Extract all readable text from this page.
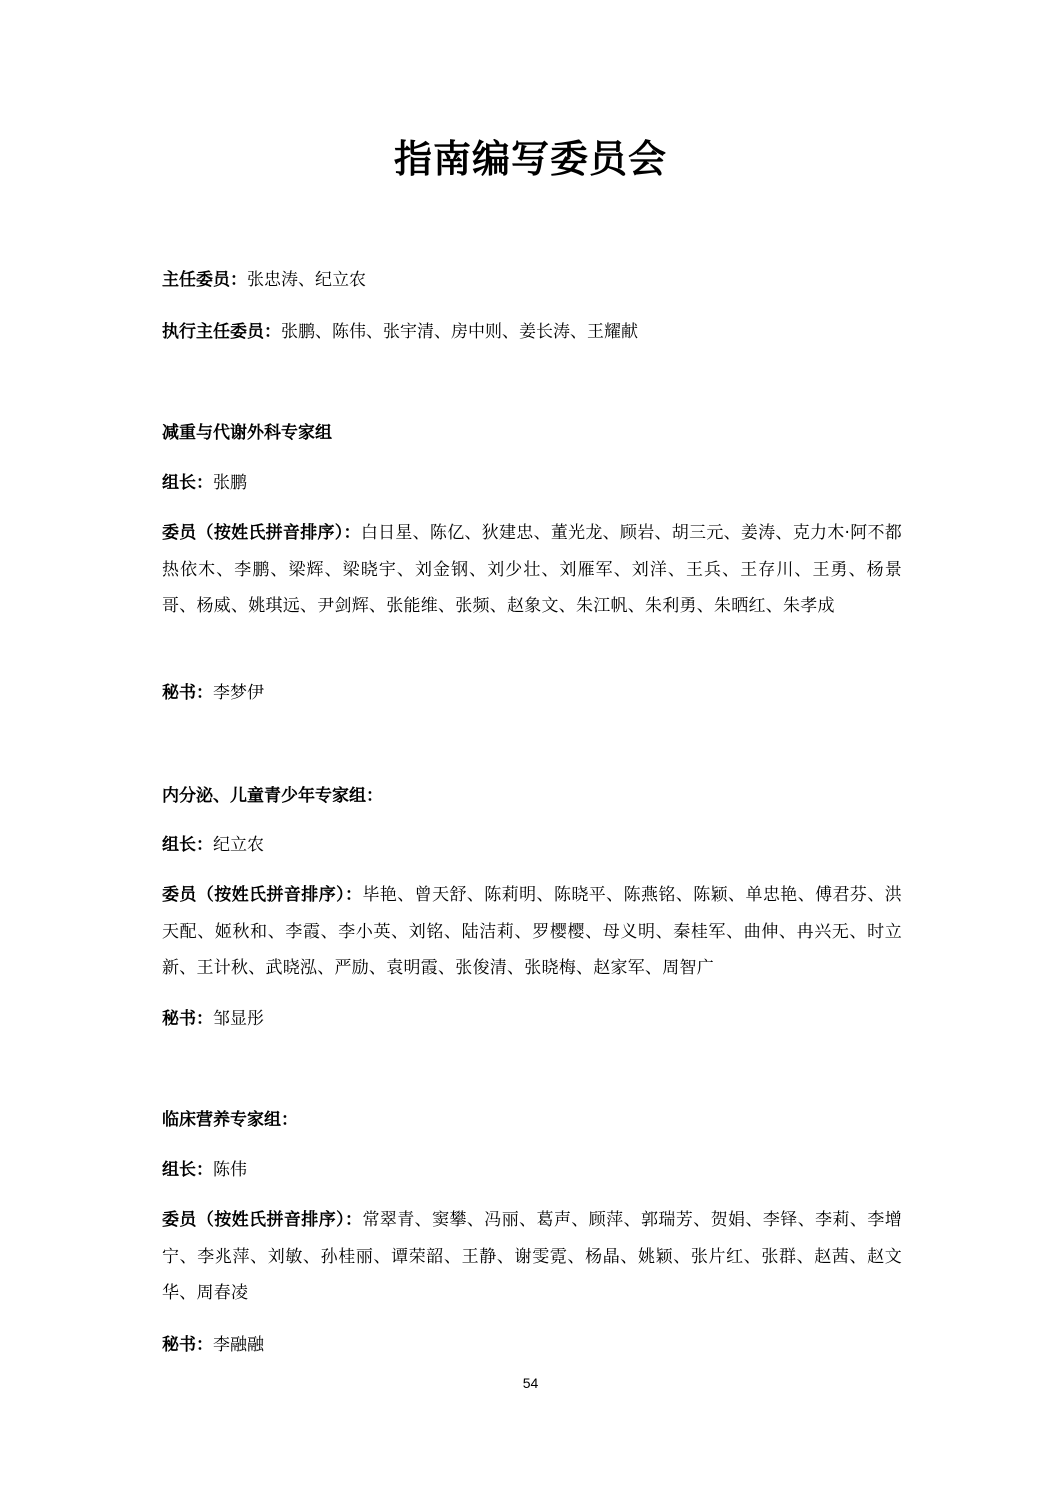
指南编写委员会
主任委员：张忠涛、纪立农
执行主任委员：张鹏、陈伟、张宇清、房中则、姜长涛、王耀献
减重与代谢外科专家组
组长：张鹏
委员（按姓氏拼音排序）：白日星、陈亿、狄建忠、董光龙、顾岩、胡三元、姜涛、克力木·阿不都热依木、李鹏、梁辉、梁晓宇、刘金钢、刘少壮、刘雁军、刘洋、王兵、王存川、王勇、杨景哥、杨威、姚琪远、尹剑辉、张能维、张频、赵象文、朱江帆、朱利勇、朱晒红、朱孝成
秘书：李梦伊
内分泌、儿童青少年专家组：
组长：纪立农
委员（按姓氏拼音排序）：毕艳、曾天舒、陈莉明、陈晓平、陈燕铭、陈颖、单忠艳、傅君芬、洪天配、姬秋和、李霞、李小英、刘铭、陆洁莉、罗樱樱、母义明、秦桂军、曲伸、冉兴无、时立新、王计秋、武晓泓、严励、袁明霞、张俊清、张晓梅、赵家军、周智广
秘书：邹显彤
临床营养专家组：
组长：陈伟
委员（按姓氏拼音排序）：常翠青、窦攀、冯丽、葛声、顾萍、郭瑞芳、贺娟、李铎、李莉、李增宁、李兆萍、刘敏、孙桂丽、谭荣韶、王静、谢雯霓、杨晶、姚颖、张片红、张群、赵茜、赵文华、周春凌
秘书：李融融
54
